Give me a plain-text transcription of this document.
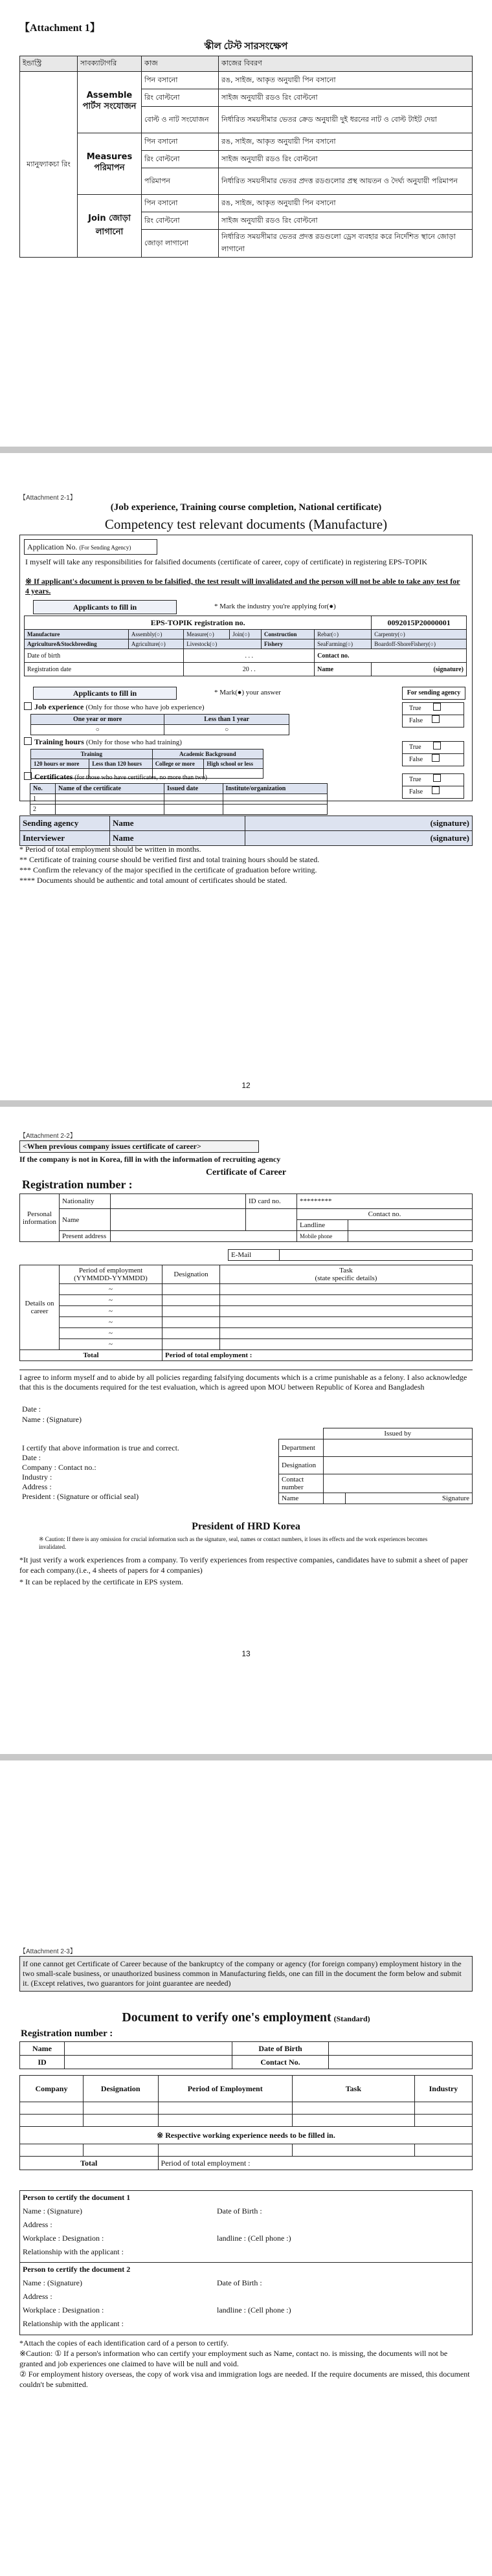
【Attachment 1】
স্কীল টেস্ট সারসংক্ষেপ
ইন্ডাস্ট্রি	সাবক্যাটাগরি	কাজ	কাজের বিবরণ
ম্যানুফ্যাকচা রিং	Assemble পার্টস সংযোজন	পিন বসানো	রঙ, সাইজ, আকৃত অনুযায়ী পিন বসানো
		রিং বোল্টনো	সাইজ অনুযায়ী রডও রিং বোল্টনো
		বোল্ট ও নাট সংযোজন	নির্ধারিত সময়সীমার ভেতর ক্রেড অনুযায়ী দুই ধরনের নাট ও বোল্ট টাইট দেয়া
	Measures পরিমাপন	পিন বসানো	রঙ, সাইজ, আকৃত অনুযায়ী পিন বসানো
		রিং বোল্টনো	সাইজ অনুযায়ী রডও রিং বোল্টনো
		পরিমাপন	নির্ধারিত সময়সীমার ভেতর প্রদত্ত রডগুলোর প্রস্থ আয়তন ও দৈর্ঘ্য অনুযায়ী পরিমাপন
	Join জোড়া লাগানো	পিন বসানো	রঙ, সাইজ, আকৃত অনুযায়ী পিন বসানো
		রিং বোল্টনো	সাইজ অনুযায়ী রডও রিং বোল্টনো
		জোড়া লাগানো	নির্ধারিত সময়সীমার ভেতর প্রদত্ত রডগুলো ড্রেস ব্যবহার করে নির্দেশিত স্থানে জোড়া লাগানো
【Attachment 2-1】
(Job experience, Training course completion, National certificate)
Competency test relevant documents (Manufacture)
Application No. (For Sending Agency)
I myself will take any responsibilities for falsified documents (certificate of career, copy of certificate) in registering EPS-TOPIK
※ If applicant's document is proven to be falsified, the test result will invalidated and the person will not be able to take any test for 4 years.
Applicants to fill in	* Mark the industry you're applying for(●)
EPS-TOPIK registration no.						0092015P20000001
Manufacture	Assembly(○)	Measure(○)	Join(○)	Construction	Rebar(○)	Carpentry(○)
Agriculture&Stockbreeding	Agriculture(○)	Livestock(○)		Fishery	SeaFarming(○)	Boardoff-ShoreFishery(○)
Date of birth		. . .			Contact no.	
Registration date		20 . .			Name	(signature)
Applicants to fill in	* Mark(●) your answer	For sending agency
Job experience (Only for those who have job experience)
One year or more	Less than 1 year
○	○
True
False
Training hours (Only for those who had training)
Training		Academic Background	
120 hours or more	Less than 120 hours	College or more	High school or less

True
False
Certificates (for those who have certificates, no more than two)	True
False
No.	Name of the certificate	Issued date	Institute/organization
1			
2			
Sending agency	Name	(signature)
Interviewer	Name	(signature)
* Period of total employment should be written in months.
** Certificate of training course should be verified first and total training hours should be stated.
*** Confirm the relevancy of the major specified in the certificate of graduation before writing.
**** Documents should be authentic and total amount of certificates should be stated.
12
【Attachment 2-2】
<When previous company issues certificate of career>
If the company is not in Korea, fill in with the information of recruiting agency
Certificate of Career
Registration number :
Personal information	Nationality		ID card no.	*********	
	Name			Contact no.	
				Landline	
	Present address			Mobile phone	
E-Mail	
Details on career	Period of employment (YYMMDD-YYMMDD)	Designation	Task
(state specific details)

	~		
	~		
	~		
	~		
	~		
	~		
Total		Period of total employment :	
I agree to inform myself and to abide by all policies regarding falsifying documents which is a crime punishable as a felony. I also acknowledge that this is the documents required for the test evaluation, which is agreed upon MOU between Republic of Korea and Bangladesh
Date :
Name : (Signature)
I certify that above information is true and correct.
Date :
Company : Contact no.:
Industry :
Address :
President : (Signature or official seal)
	Issued by	
Department		
Designation		
Contact number		
Name		Signature
President of HRD Korea
※ Caution: If there is any omission for crucial information such as the signature, seal, names or contact numbers, it loses its effects and the work experiences becomes invalidated.
*It just verify a work experiences from a company. To verify experiences from respective companies, candidates have to submit a sheet of paper for each company.(i.e., 4 sheets of papers for 4 companies)
* It can be replaced by the certificate in EPS system.
13
【Attachment 2-3】
If one cannot get Certificate of Career because of the bankruptcy of the company or agency (for foreign company) employment history in the two small-scale business, or unauthorized business common in Manufacturing fields, one can fill in the document the form below and submit it. (Except relatives, two guarantors for joint guarantee are needed)
Document to verify one's employment (Standard)
Registration number :
Name		Date of Birth	
ID		Contact No.	
Company	Designation	Period of Employment	Task	Industry

※ Respective working experience needs to be filled in.				

Total		Period of total employment :		
Person to certify the document 1
Name : (Signature)	Date of Birth :
Address :
Workplace : Designation :	landline : (Cell phone :)
Relationship with the applicant :
Person to certify the document 2
Name : (Signature)	Date of Birth :
Address :
Workplace : Designation :	landline : (Cell phone :)
Relationship with the applicant :
*Attach the copies of each identification card of a person to certify.
※Caution: ① If a person's information who can certify your employment such as Name, contact no. is missing, the documents will not be granted and job experiences one claimed to have will be null and void.
② For employment history overseas, the copy of work visa and immigration logs are needed. If the require documents are missed, this document couldn't be submitted.
